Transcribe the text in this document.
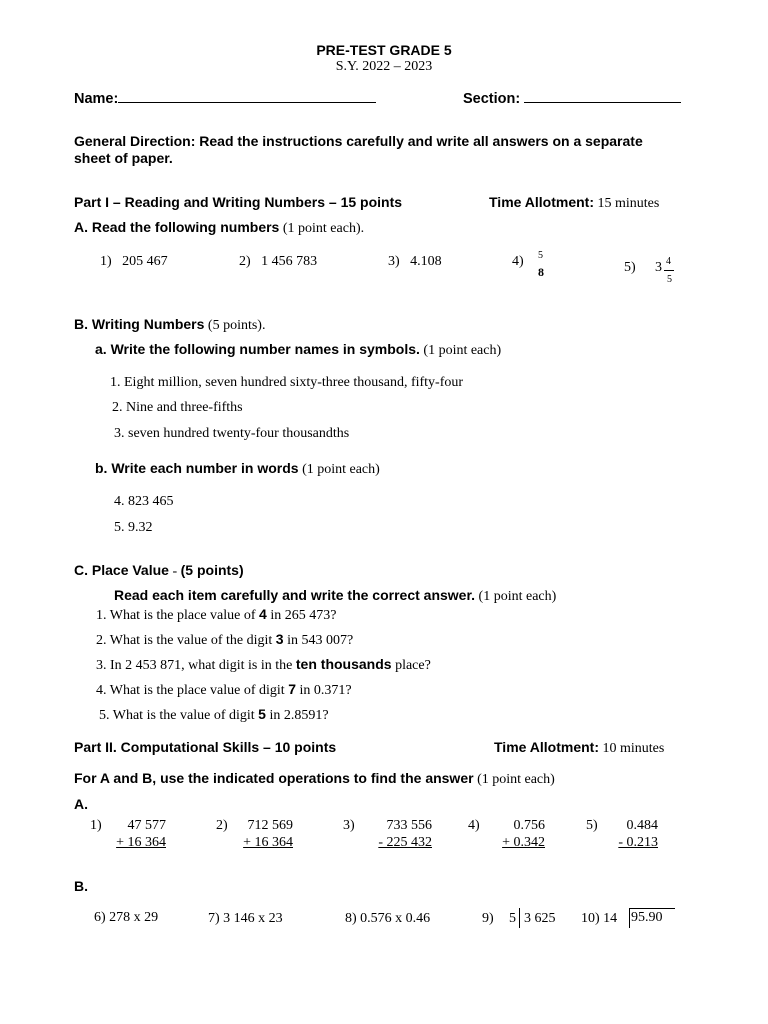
PRE-TEST GRADE 5
S.Y. 2022 – 2023
Name:	Section:
General Direction: Read the instructions carefully and write all answers on a separate sheet of paper.
Part I – Reading and Writing Numbers – 15 points	Time Allotment: 15 minutes
A. Read the following numbers (1 point each).
1) 205 467	2) 1 456 783	3) 4.108	4) 5
8	5) 3 4
5
B. Writing Numbers (5 points).
a. Write the following number names in symbols. (1 point each)
1. Eight million, seven hundred sixty-three thousand, fifty-four
2. Nine and three-fifths
3. seven hundred twenty-four thousandths
b. Write each number in words (1 point each)
4. 823 465
5. 9.32
C. Place Value - (5 points)
Read each item carefully and write the correct answer. (1 point each)
1. What is the place value of 4 in 265 473?
2. What is the value of the digit 3 in 543 007?
3. In 2 453 871, what digit is in the ten thousands place?
4. What is the place value of digit 7 in 0.371?
5. What is the value of digit 5 in 2.8591?
Part II. Computational Skills – 10 points	Time Allotment: 10 minutes
For A and B, use the indicated operations to find the answer (1 point each)
A.
1)	47 577
+ 16 364
2)	712 569
+ 16 364
3)	733 556
- 225 432
4)	0.756
+ 0.342
5)	0.484
- 0.213
B.
6) 278 x 29	7) 3 146 x 23	8) 0.576 x 0.46	9) 5 3 625 10) 14 95.90
